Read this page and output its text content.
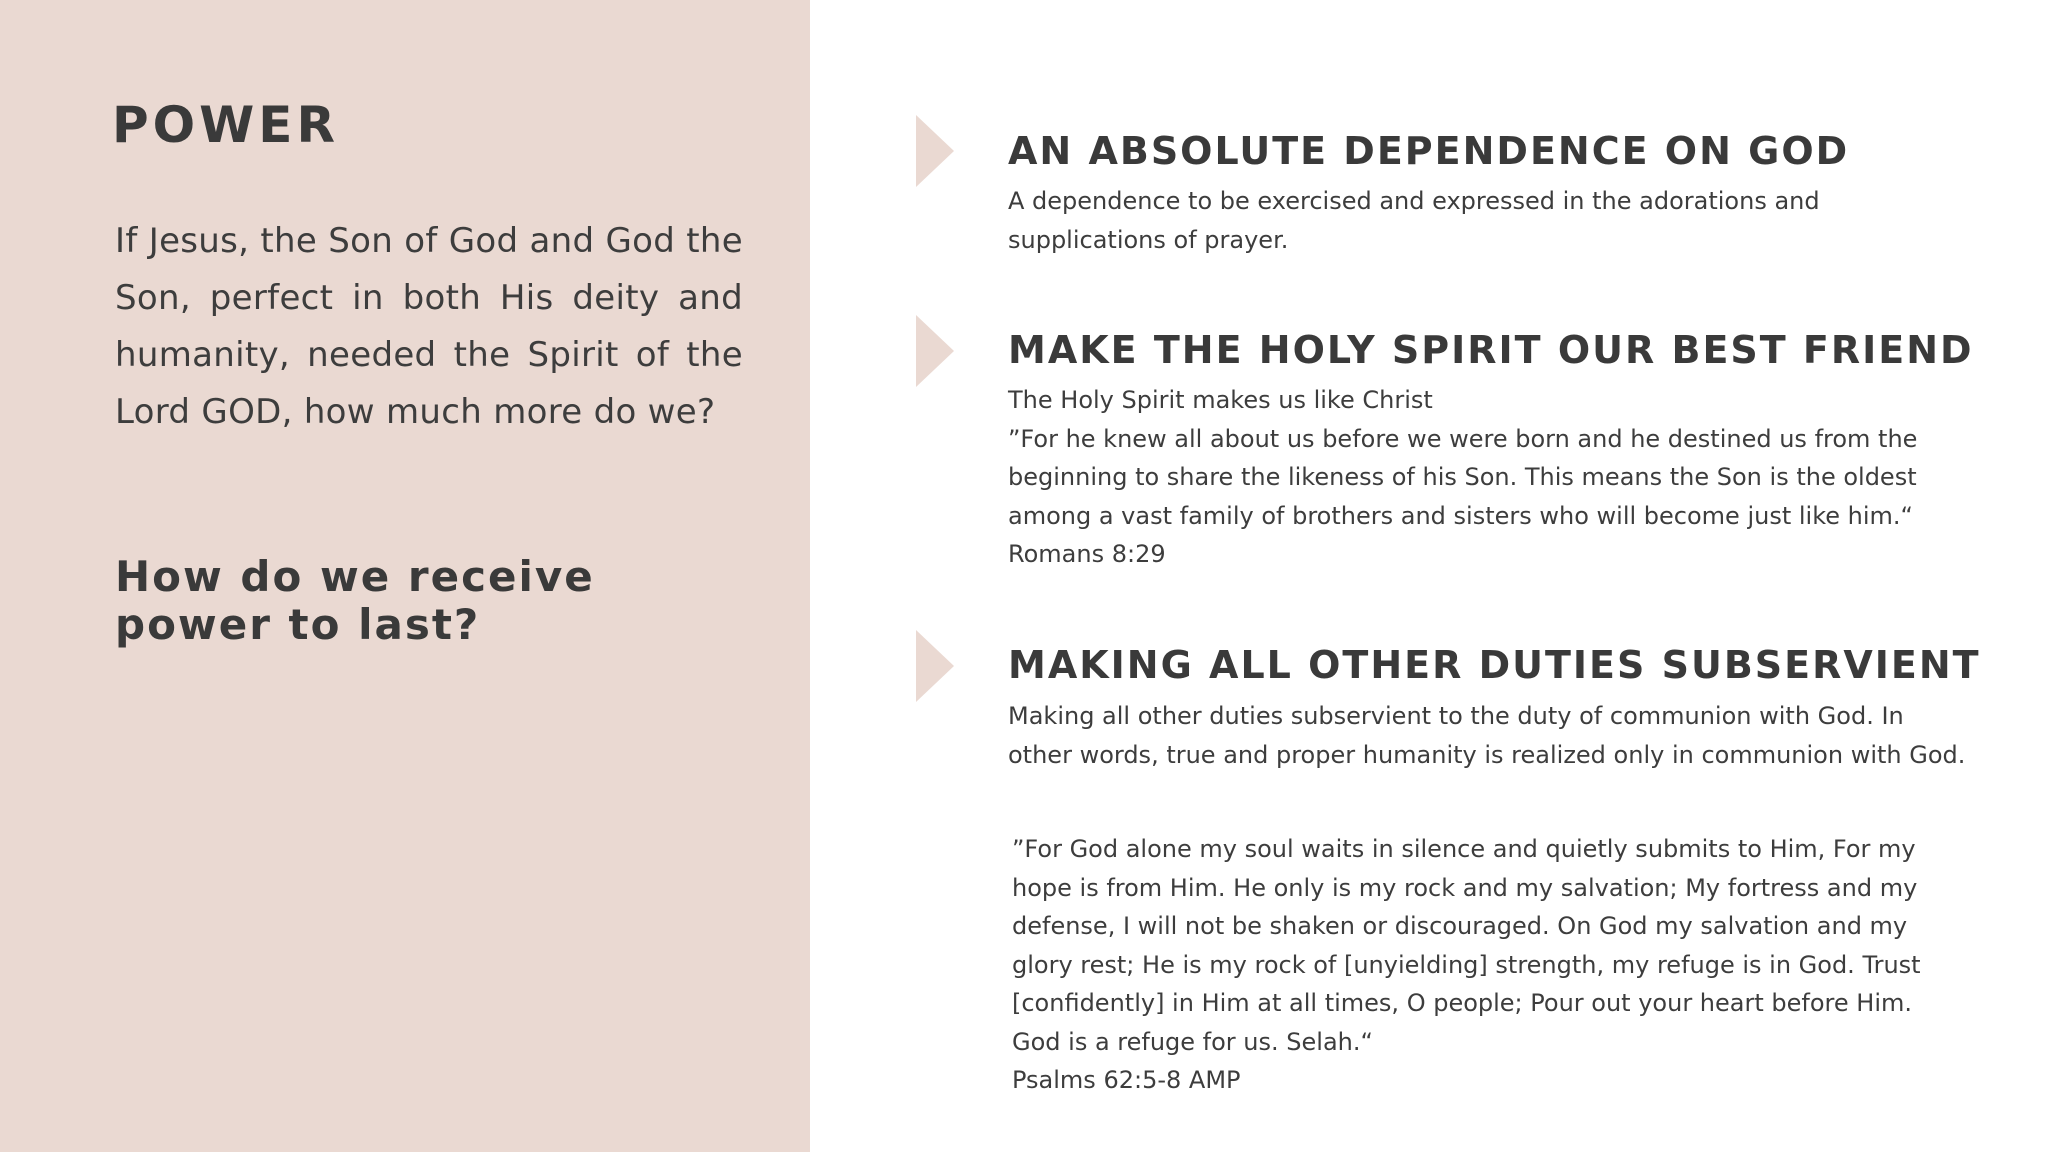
POWER

If Jesus, the Son of God and God the Son, perfect in both His deity and humanity, needed the Spirit of the Lord GOD, how much more do we?

How do we receive power to last?
AN ABSOLUTE DEPENDENCE ON GOD

A dependence to be exercised and expressed in the adorations and supplications of prayer.

MAKE THE HOLY SPIRIT OUR BEST FRIEND

The Holy Spirit makes us like Christ

”For he knew all about us before we were born and he destined us from the beginning to share the likeness of his Son. This means the Son is the oldest among a vast family of brothers and sisters who will become just like him.“

Romans 8:29

MAKING ALL OTHER DUTIES SUBSERVIENT

Making all other duties subservient to the duty of communion with God. In other words, true and proper humanity is realized only in communion with God.

”For God alone my soul waits in silence and quietly submits to Him, For my hope is from Him. He only is my rock and my salvation; My fortress and my defense, I will not be shaken or discouraged. On God my salvation and my glory rest; He is my rock of [unyielding] strength, my refuge is in God. Trust [confidently] in Him at all times, O people; Pour out your heart before Him. God is a refuge for us. Selah.“

Psalms 62:5-8 AMP
